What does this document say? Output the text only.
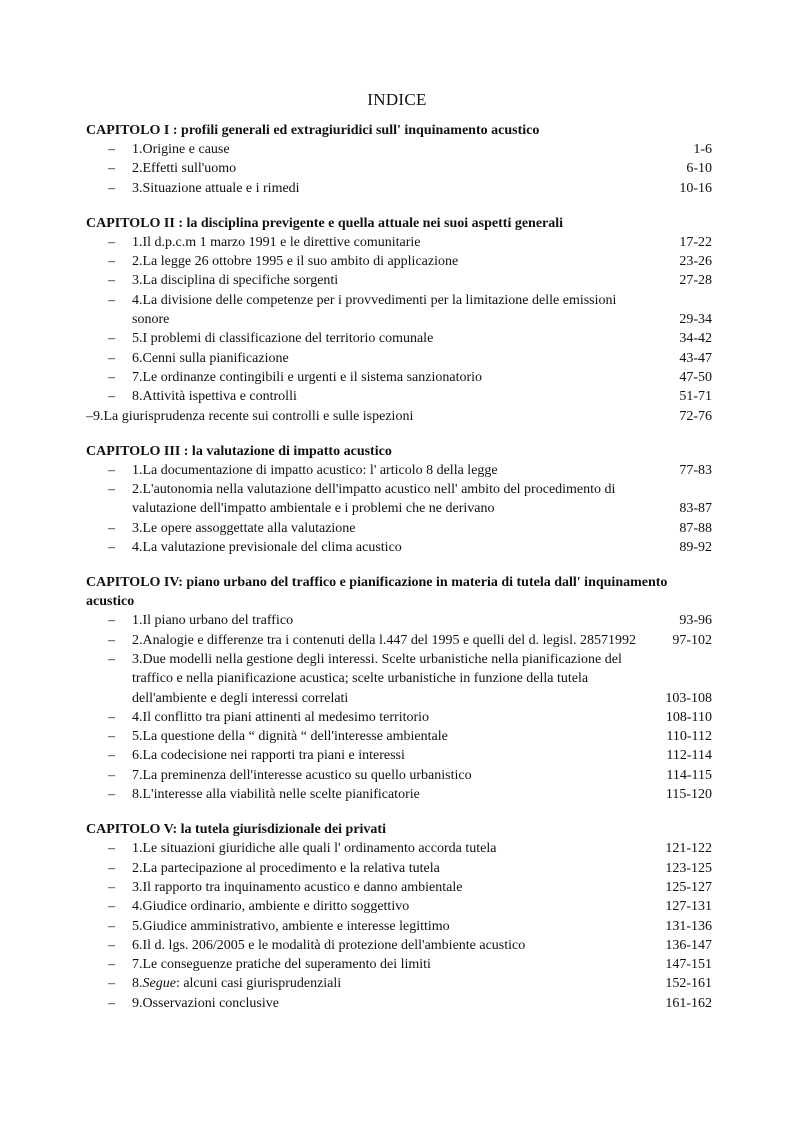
INDICE
CAPITOLO I : profili generali ed extragiuridici sull' inquinamento acustico
–	1.Origine e cause	1-6
–	2.Effetti sull'uomo	6-10
–	3.Situazione attuale e i rimedi	10-16
CAPITOLO II : la disciplina previgente e quella attuale nei suoi aspetti generali
–	1.Il d.p.c.m 1 marzo 1991 e le direttive comunitarie	17-22
–	2.La legge 26 ottobre 1995 e il suo ambito di applicazione	23-26
–	3.La disciplina di specifiche sorgenti	27-28
–	4.La divisione delle competenze per i provvedimenti per la limitazione delle emissioni sonore	29-34
–	5.I problemi di classificazione del territorio comunale	34-42
–	6.Cenni sulla pianificazione	43-47
–	7.Le ordinanze contingibili e urgenti e il sistema sanzionatorio	47-50
–	8.Attività ispettiva e controlli	51-71
–9.La giurisprudenza recente sui controlli e sulle ispezioni	72-76
CAPITOLO III : la valutazione di impatto acustico
–	1.La documentazione di impatto acustico: l' articolo 8 della legge	77-83
–	2.L'autonomia nella valutazione dell'impatto acustico nell' ambito del procedimento di valutazione dell'impatto ambientale e i problemi che ne derivano	83-87
–	3.Le opere assoggettate alla valutazione	87-88
–	4.La valutazione previsionale del clima acustico	89-92
CAPITOLO IV: piano urbano del traffico e pianificazione in materia di tutela dall' inquinamento acustico
–	1.Il piano urbano del traffico	93-96
–	2.Analogie e differenze tra i contenuti della l.447 del 1995 e quelli del d. legisl. 28571992	97-102
–	3.Due modelli nella gestione degli interessi. Scelte urbanistiche nella pianificazione del traffico e nella pianificazione acustica; scelte urbanistiche in funzione della tutela dell'ambiente e degli interessi correlati	103-108
–	4.Il conflitto tra piani attinenti al medesimo territorio	108-110
–	5.La questione della “ dignità “ dell'interesse ambientale	110-112
–	6.La codecisione nei rapporti tra piani e interessi	112-114
–	7.La preminenza dell'interesse acustico su quello urbanistico	114-115
–	8.L'interesse alla viabilità nelle scelte pianificatorie	115-120
CAPITOLO V: la tutela giurisdizionale dei privati
–	1.Le situazioni giuridiche alle quali l' ordinamento accorda tutela	121-122
–	2.La partecipazione al procedimento e la relativa tutela	123-125
–	3.Il rapporto tra inquinamento acustico e danno ambientale	125-127
–	4.Giudice ordinario, ambiente e diritto soggettivo	127-131
–	5.Giudice amministrativo, ambiente e interesse legittimo	131-136
–	6.Il d. lgs. 206/2005 e le modalità di protezione dell'ambiente acustico	136-147
–	7.Le conseguenze pratiche del superamento dei limiti	147-151
–	8.Segue: alcuni casi giurisprudenziali	152-161
–	9.Osservazioni conclusive	161-162
